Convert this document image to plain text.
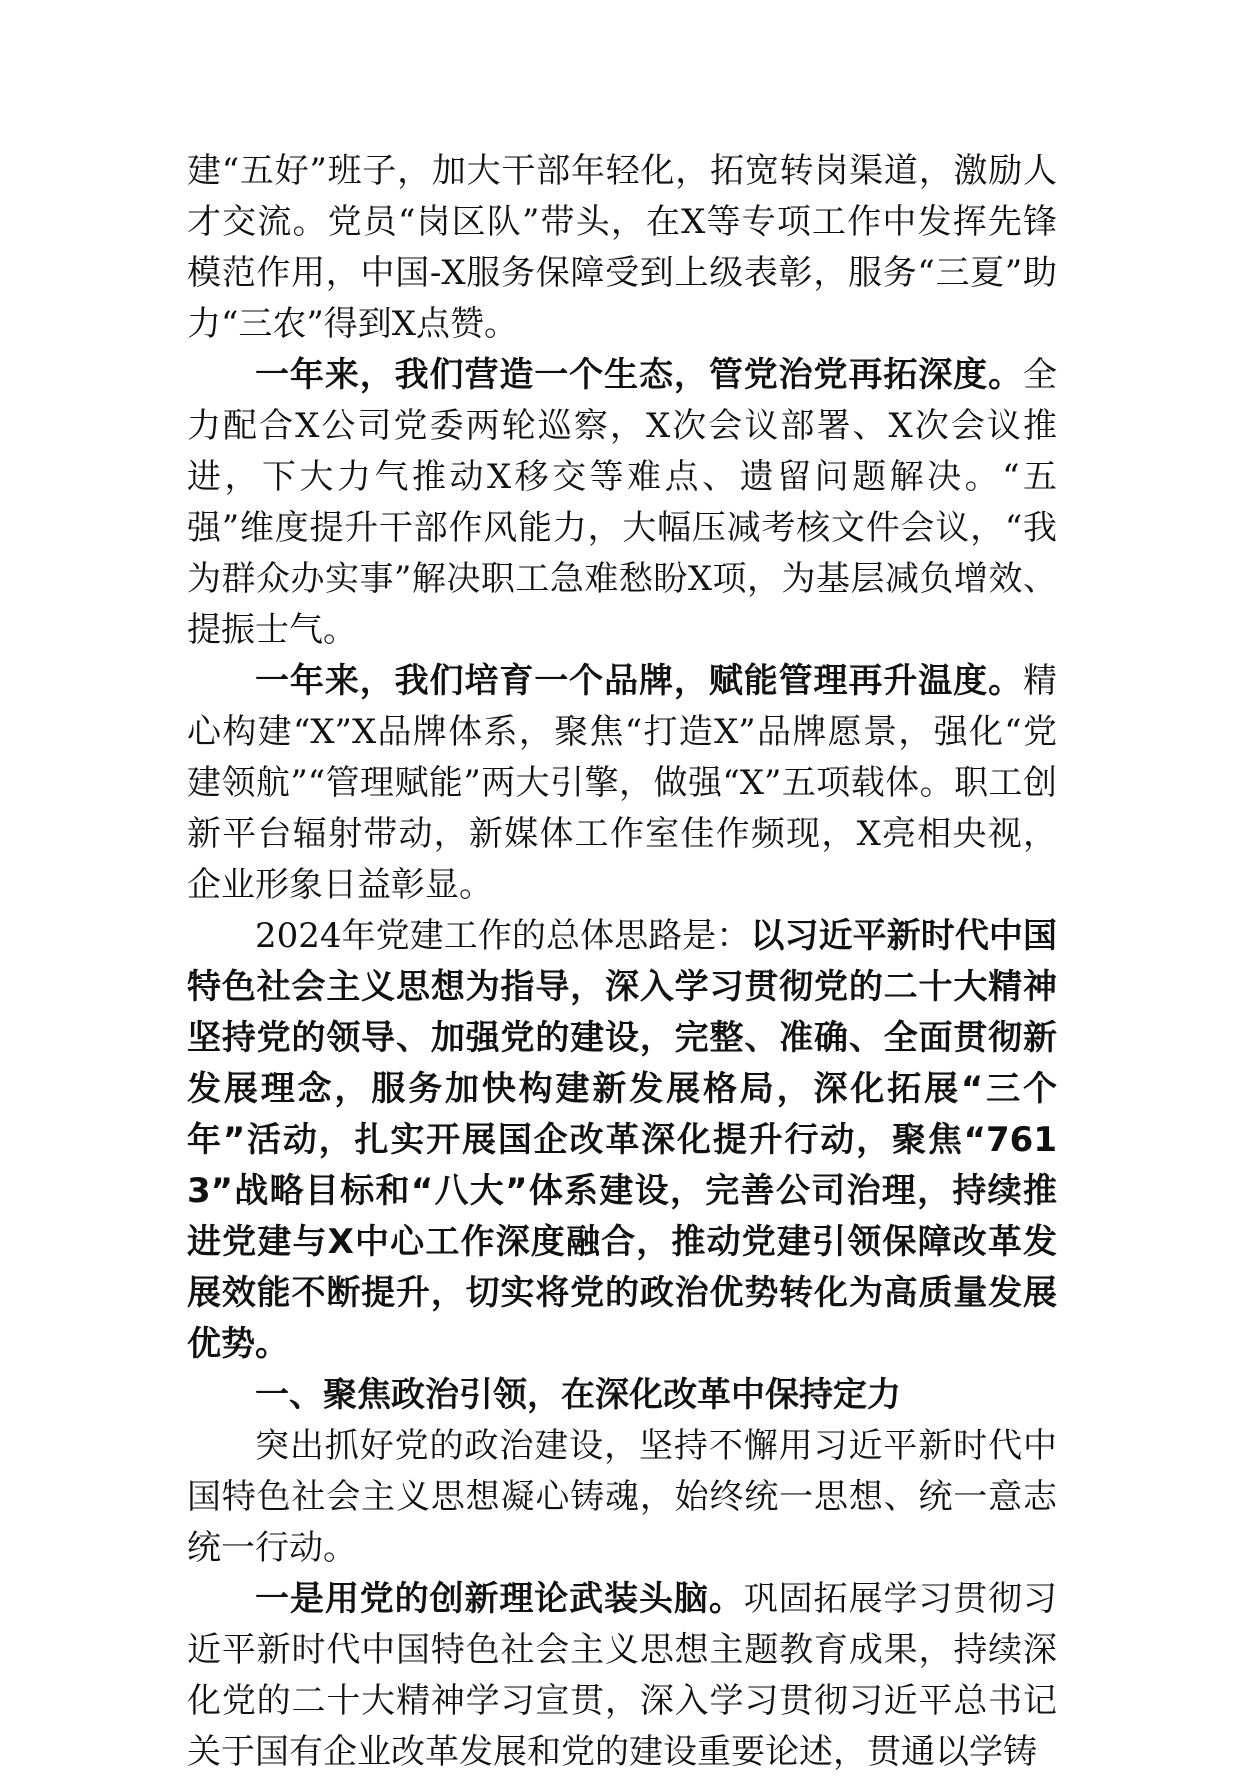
建“五好”班子，加大干部年轻化，拓宽转岗渠道，激励人才交流。党员“岗区队”带头，在X等专项工作中发挥先锋模范作用，中国-X服务保障受到上级表彰，服务“三夏”助力“三农”得到X点赞。

一年来，我们营造一个生态，管党治党再拓深度。全力配合X公司党委两轮巡察，X次会议部署、X次会议推进，下大力气推动X移交等难点、遗留问题解决。“五强”维度提升干部作风能力，大幅压减考核文件会议，“我为群众办实事”解决职工急难愁盼X项，为基层减负增效、提振士气。

一年来，我们培育一个品牌，赋能管理再升温度。精心构建“X”X品牌体系，聚焦“打造X”品牌愿景，强化“党建领航”“管理赋能”两大引擎，做强“X”五项载体。职工创新平台辐射带动，新媒体工作室佳作频现，X亮相央视，企业形象日益彰显。

2024年党建工作的总体思路是：以习近平新时代中国特色社会主义思想为指导，深入学习贯彻党的二十大精神坚持党的领导、加强党的建设，完整、准确、全面贯彻新发展理念，服务加快构建新发展格局，深化拓展“三个年”活动，扎实开展国企改革深化提升行动，聚焦“7613”战略目标和“八大”体系建设，完善公司治理，持续推进党建与X中心工作深度融合，推动党建引领保障改革发展效能不断提升，切实将党的政治优势转化为高质量发展优势。

一、聚焦政治引领，在深化改革中保持定力

突出抓好党的政治建设，坚持不懈用习近平新时代中国特色社会主义思想凝心铸魂，始终统一思想、统一意志统一行动。

一是用党的创新理论武装头脑。巩固拓展学习贯彻习近平新时代中国特色社会主义思想主题教育成果，持续深化党的二十大精神学习宣贯，深入学习贯彻习近平总书记关于国有企业改革发展和党的建设重要论述，贯通以学铸
